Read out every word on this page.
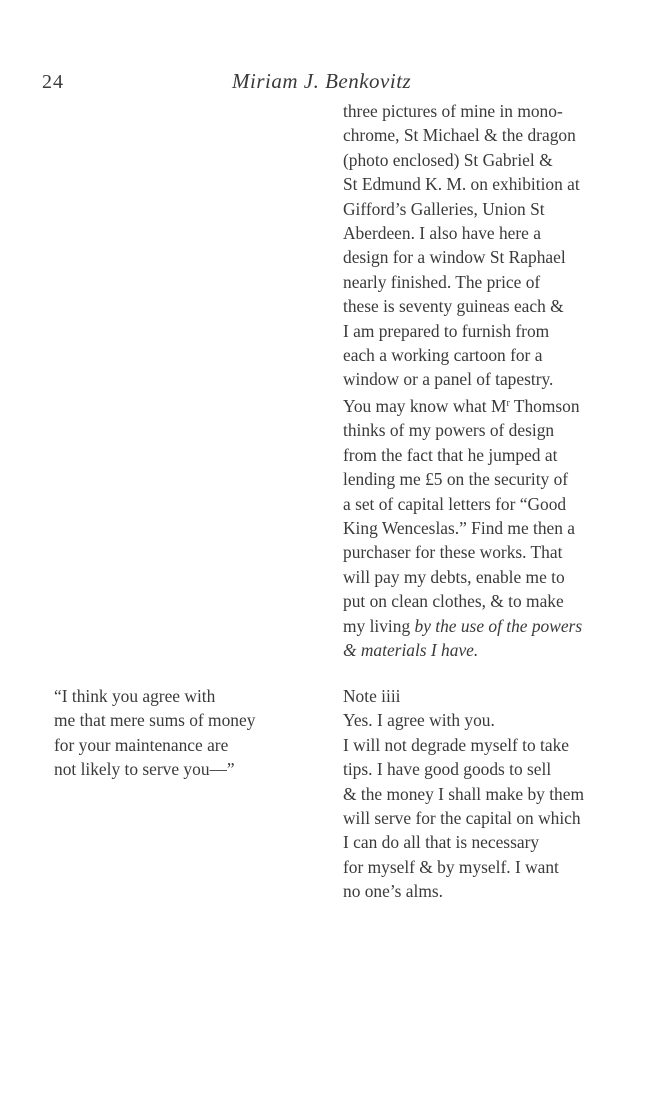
24	Miriam J. Benkovitz
three pictures of mine in mono-
chrome, St Michael & the dragon
(photo enclosed) St Gabriel &
St Edmund K. M. on exhibition at
Gifford’s Galleries, Union St
Aberdeen. I also have here a
design for a window St Raphael
nearly finished. The price of
these is seventy guineas each &
I am prepared to furnish from
each a working cartoon for a
window or a panel of tapestry.
You may know what $M^r$ Thomson
thinks of my powers of design
from the fact that he jumped at
lending me £5 on the security of
a set of capital letters for “Good
King Wenceslas.” Find me then a
purchaser for these works. That
will pay my debts, enable me to
put on clean clothes, & to make
my living by the use of the powers
& materials I have.
“I think you agree with
me that mere sums of money
for your maintenance are
not likely to serve you—”
Note iiii
Yes. I agree with you.
I will not degrade myself to take
tips. I have good goods to sell
& the money I shall make by them
will serve for the capital on which
I can do all that is necessary
for myself & by myself. I want
no one’s alms.
